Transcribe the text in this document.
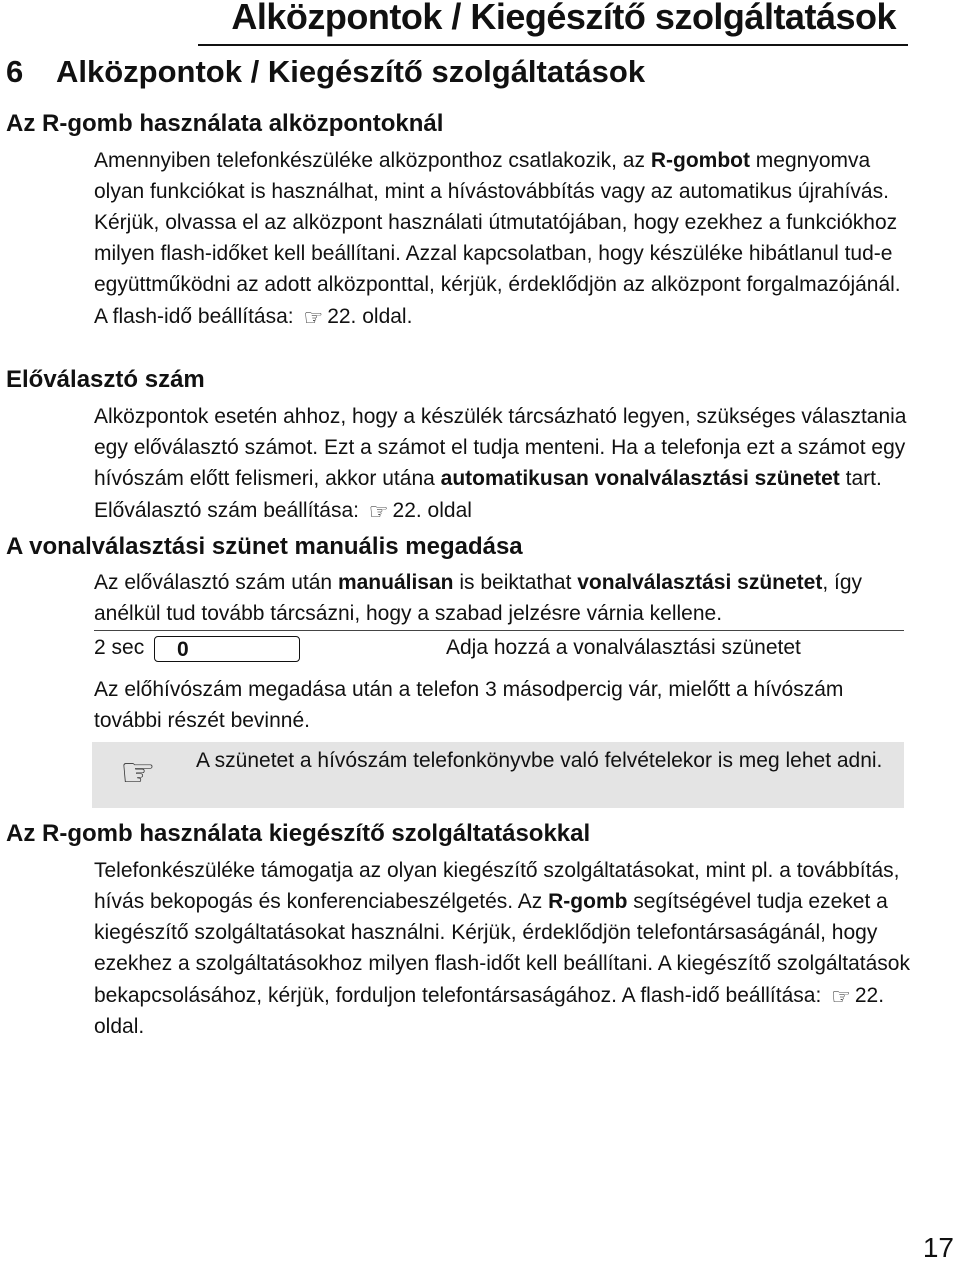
Alközpontok / Kiegészítő szolgáltatások
6 Alközpontok / Kiegészítő szolgáltatások
Az R-gomb használata alközpontoknál

Amennyiben telefonkészüléke alközponthoz csatlakozik, az R-gombot megnyomva olyan funkciókat is használhat, mint a hívástovábbítás vagy az automatikus újrahívás. Kérjük, olvassa el az alközpont használati útmutatójában, hogy ezekhez a funkciókhoz milyen flash-időket kell beállítani. Azzal kapcsolatban, hogy készüléke hibátlanul tud-e együttműködni az adott alközponttal, kérjük, érdeklődjön az alközpont forgalmazójánál. A flash-idő beállítása: ☞ 22. oldal.

Előválasztó szám

Alközpontok esetén ahhoz, hogy a készülék tárcsázható legyen, szükséges választania egy előválasztó számot. Ezt a számot el tudja menteni. Ha a telefonja ezt a számot egy hívószám előtt felismeri, akkor utána automatikusan vonalválasztási szünetet tart. Előválasztó szám beállítása: ☞ 22. oldal

A vonalválasztási szünet manuális megadása

Az előválasztó szám után manuálisan is beiktathat vonalválasztási szünetet, így anélkül tud tovább tárcsázni, hogy a szabad jelzésre várnia kellene.

2 sec	0	Adja hozzá a vonalválasztási szünetet

Az előhívószám megadása után a telefon 3 másodpercig vár, mielőtt a hívószám további részét bevinné.

☞ A szünetet a hívószám telefonkönyvbe való felvételekor is meg lehet adni.

Az R-gomb használata kiegészítő szolgáltatásokkal

Telefonkészüléke támogatja az olyan kiegészítő szolgáltatásokat, mint pl. a továbbítás, hívás bekopogás és konferenciabeszélgetés. Az R-gomb segítségével tudja ezeket a kiegészítő szolgáltatásokat használni. Kérjük, érdeklődjön telefontársaságánál, hogy ezekhez a szolgáltatásokhoz milyen flash-időt kell beállítani. A kiegészítő szolgáltatások bekapcsolásához, kérjük, forduljon telefontársaságához. A flash-idő beállítása: ☞ 22. oldal.

17
